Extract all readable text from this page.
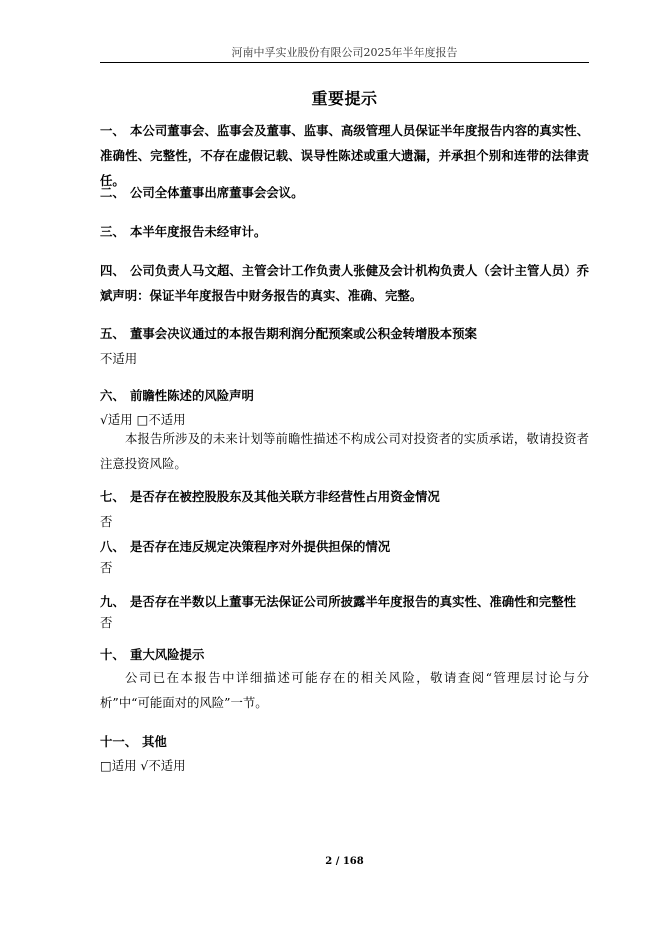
河南中孚实业股份有限公司2025年半年度报告
重要提示
一、 本公司董事会、监事会及董事、监事、高级管理人员保证半年度报告内容的真实性、准确性、完整性，不存在虚假记载、误导性陈述或重大遗漏，并承担个别和连带的法律责任。
二、 公司全体董事出席董事会会议。
三、 本半年度报告未经审计。
四、 公司负责人马文超、主管会计工作负责人张健及会计机构负责人（会计主管人员）乔斌声明：保证半年度报告中财务报告的真实、准确、完整。
五、 董事会决议通过的本报告期利润分配预案或公积金转增股本预案
不适用
六、 前瞻性陈述的风险声明
√适用 □不适用
本报告所涉及的未来计划等前瞻性描述不构成公司对投资者的实质承诺，敬请投资者注意投资风险。
七、 是否存在被控股股东及其他关联方非经营性占用资金情况
否
八、 是否存在违反规定决策程序对外提供担保的情况
否
九、 是否存在半数以上董事无法保证公司所披露半年度报告的真实性、准确性和完整性
否
十、 重大风险提示
公司已在本报告中详细描述可能存在的相关风险，敬请查阅“管理层讨论与分析”中“可能面对的风险”一节。
十一、 其他
□适用 √不适用
2 / 168
